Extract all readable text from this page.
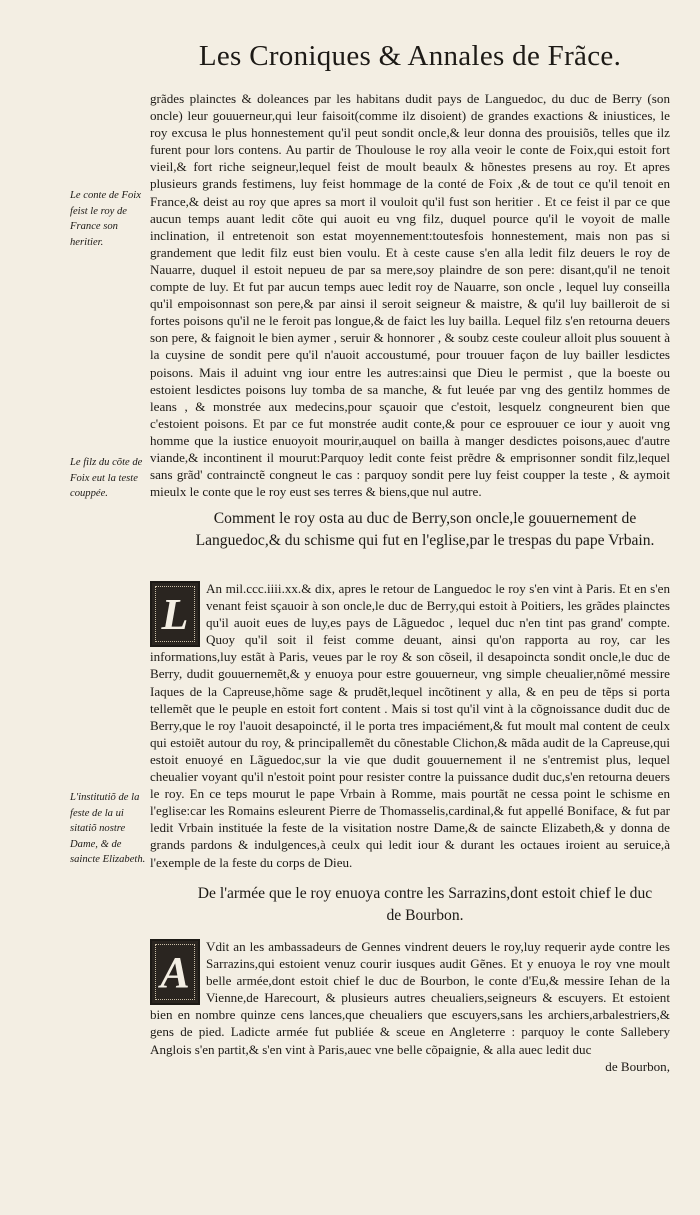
Les Croniques & Annales de Frãce.

grãdes plainctes & doleances par les habitans dudit pays de Languedoc, du duc de Berry (son oncle) leur gouuerneur,qui leur faisoit(comme ilz disoient) de grandes exactions & iniustices, le roy excusa le plus honnestement qu'il peut sondit oncle,& leur donna des prouisiõs, telles que ilz furent pour lors contens. Au partir de Thoulouse le roy alla veoir le conte de Foix,qui estoit fort vieil,& fort riche seigneur,lequel feist de moult beaulx & hõnestes presens au roy. Et apres plusieurs grands festimens, luy feist hommage de la conté de Foix ,& de tout ce qu'il tenoit en France,& deist au roy que apres sa mort il vouloit qu'il fust son heritier . Et ce feist il par ce que aucun temps auant ledit cõte qui auoit eu vng filz, duquel pource qu'il le voyoit de malle inclination, il entretenoit son estat moyennement:toutesfois honnestement, mais non pas si grandement que ledit filz eust bien voulu. Et à ceste cause s'en alla ledit filz deuers le roy de Nauarre, duquel il estoit nepueu de par sa mere,soy plaindre de son pere: disant,qu'il ne tenoit compte de luy. Et fut par aucun temps auec ledit roy de Nauarre, son oncle , lequel luy conseilla qu'il empoisonnast son pere,& par ainsi il seroit seigneur & maistre, & qu'il luy bailleroit de si fortes poisons qu'il ne le feroit pas longue,& de faict les luy bailla. Lequel filz s'en retourna deuers son pere, & faignoit le bien aymer , seruir & honnorer , & soubz ceste couleur alloit plus souuent à la cuysine de sondit pere qu'il n'auoit accoustumé, pour trouuer façon de luy bailler lesdictes poisons. Mais il aduint vng iour entre les autres:ainsi que Dieu le permist , que la boeste ou estoient lesdictes poisons luy tomba de sa manche, & fut leuée par vng des gentilz hommes de leans , & monstrée aux medecins,pour sçauoir que c'estoit, lesquelz congneurent bien que c'estoient poisons. Et par ce fut monstrée audit conte,& pour ce esprouuer ce iour y auoit vng homme que la iustice enuoyoit mourir,auquel on bailla à manger desdictes poisons,auec d'autre viande,& incontinent il mourut:Parquoy ledit conte feist prẽdre & emprisonner sondit filz,lequel sans grãd' contrainctẽ congneut le cas : parquoy sondit pere luy feist coupper la teste , & aymoit mieulx le conte que le roy eust ses terres & biens,que nul autre.

Le conte de Foix feist le roy de France son heritier.

Le filz du cõte de Foix eut la teste couppée.

Comment le roy osta au duc de Berry,son oncle,le gouuernement de Languedoc,& du schisme qui fut en l'eglise,par le trespas du pape Vrbain.

L

An mil.ccc.iiii.xx.& dix, apres le retour de Languedoc le roy s'en vint à Paris. Et en s'en venant feist sçauoir à son oncle,le duc de Berry,qui estoit à Poitiers, les grãdes plainctes qu'il auoit eues de luy,es pays de Lãguedoc , lequel duc n'en tint pas grand' compte. Quoy qu'il soit il feist comme deuant, ainsi qu'on rapporta au roy, car les informations,luy estãt à Paris, veues par le roy & son cõseil, il desapoincta sondit oncle,le duc de Berry, dudit gouuernemẽt,& y enuoya pour estre gouuerneur, vng simple cheualier,nõmé messire Iaques de la Capreuse,hõme sage & prudẽt,lequel incõtinent y alla, & en peu de tẽps si porta tellemẽt que le peuple en estoit fort content . Mais si tost qu'il vint à la cõgnoissance dudit duc de Berry,que le roy l'auoit desapoincté, il le porta tres impaciément,& fut moult mal content de ceulx qui estoiẽt autour du roy, & principallemẽt du cõnestable Clichon,& mãda audit de la Capreuse,qui estoit enuoyé en Lãguedoc,sur la vie que dudit gouuernement il ne s'entremist plus, lequel cheualier voyant qu'il n'estoit point pour resister contre la puissance dudit duc,s'en retourna deuers le roy. En ce teps mourut le pape Vrbain à Romme, mais pourtãt ne cessa point le schisme en l'eglise:car les Romains esleurent Pierre de Thomasselis,cardinal,& fut appellé Boniface, & fut par ledit Vrbain instituée la feste de la visitation nostre Dame,& de saincte Elizabeth,& y donna de grands pardons & indulgences,à ceulx qui ledit iour & durant les octaues iroient au seruice,à l'exemple de la feste du corps de Dieu.

L'institutiõ de la feste de la ui sitatiõ nostre Dame, & de saincte Elizabeth.

De l'armée que le roy enuoya contre les Sarrazins,dont estoit chief le duc de Bourbon.

A

Vdit an les ambassadeurs de Gennes vindrent deuers le roy,luy requerir ayde contre les Sarrazins,qui estoient venuz courir iusques audit Gẽnes. Et y enuoya le roy vne moult belle armée,dont estoit chief le duc de Bourbon, le conte d'Eu,& messire Iehan de la Vienne,de Harecourt, & plusieurs autres cheualiers,seigneurs & escuyers. Et estoient bien en nombre quinze cens lances,que cheualiers que escuyers,sans les archiers,arbalestriers,& gens de pied. Ladicte armée fut publiée & sceue en Angleterre : parquoy le conte Sallebery Anglois s'en partit,& s'en vint à Paris,auec vne belle cõpaignie, & alla auec ledit duc

de Bourbon,
